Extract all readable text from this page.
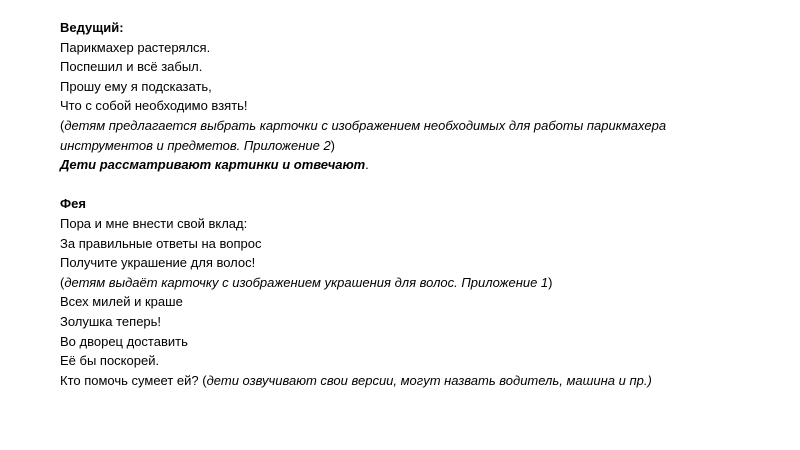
Ведущий:
Парикмахер растерялся.
Поспешил и всё забыл.
Прошу ему я подсказать,
Что с собой необходимо взять!
(детям предлагается выбрать карточки с изображением необходимых для работы парикмахера
инструментов и предметов. Приложение 2)
Дети рассматривают картинки и отвечают.
Фея
Пора и мне внести свой вклад:
За правильные ответы на вопрос
Получите украшение для волос!
(детям выдаёт карточку с изображением украшения для волос. Приложение 1)
Всех милей и краше
Золушка теперь!
Во дворец доставить
Её бы поскорей.
Кто помочь сумеет ей? (дети озвучивают свои версии, могут назвать водитель, машина и пр.)
